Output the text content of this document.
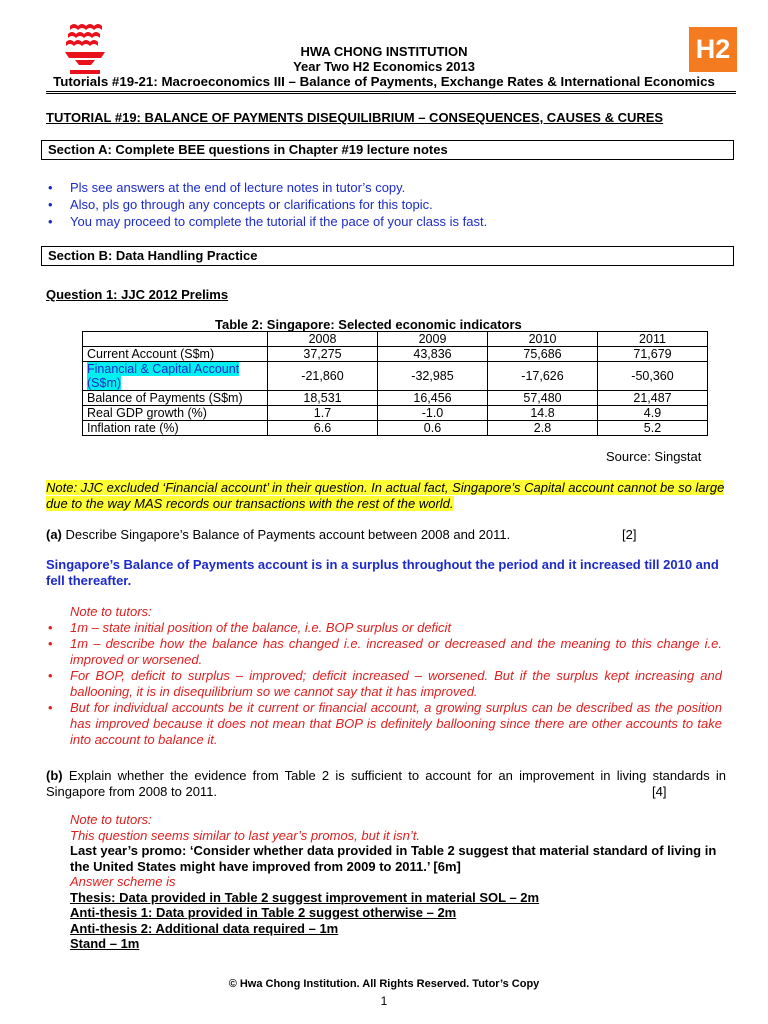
H2
HWA CHONG INSTITUTION
Year Two H2 Economics 2013
Tutorials #19-21: Macroeconomics III – Balance of Payments, Exchange Rates & International Economics
TUTORIAL #19: BALANCE OF PAYMENTS DISEQUILIBRIUM – CONSEQUENCES, CAUSES & CURES
Section A: Complete BEE questions in Chapter #19 lecture notes
• Pls see answers at the end of lecture notes in tutor’s copy.
• Also, pls go through any concepts or clarifications for this topic.
• You may proceed to complete the tutorial if the pace of your class is fast.
Section B: Data Handling Practice
Question 1: JJC 2012 Prelims
Table 2: Singapore: Selected economic indicators
	2008	2009	2010	2011
Current Account (S$m)	37,275	43,836	75,686	71,679
Financial & Capital Account (S$m)	-21,860	-32,985	-17,626	-50,360
Balance of Payments (S$m)	18,531	16,456	57,480	21,487
Real GDP growth (%)	1.7	-1.0	14.8	4.9
Inflation rate (%)	6.6	0.6	2.8	5.2
Source: Singstat
Note: JJC excluded ‘Financial account’ in their question. In actual fact, Singapore’s Capital account cannot be so large due to the way MAS records our transactions with the rest of the world.
(a) Describe Singapore’s Balance of Payments account between 2008 and 2011.	[2]
Singapore’s Balance of Payments account is in a surplus throughout the period and it increased till 2010 and fell thereafter.
Note to tutors:
• 1m – state initial position of the balance, i.e. BOP surplus or deficit
• 1m – describe how the balance has changed i.e. increased or decreased and the meaning to this change i.e. improved or worsened.
• For BOP, deficit to surplus – improved; deficit increased – worsened. But if the surplus kept increasing and ballooning, it is in disequilibrium so we cannot say that it has improved.
• But for individual accounts be it current or financial account, a growing surplus can be described as the position has improved because it does not mean that BOP is definitely ballooning since there are other accounts to take into account to balance it.
(b) Explain whether the evidence from Table 2 is sufficient to account for an improvement in living standards in Singapore from 2008 to 2011.	[4]
Note to tutors:
This question seems similar to last year’s promos, but it isn’t.
Last year’s promo: ‘Consider whether data provided in Table 2 suggest that material standard of living in the United States might have improved from 2009 to 2011.’ [6m]
Answer scheme is
Thesis: Data provided in Table 2 suggest improvement in material SOL – 2m
Anti-thesis 1: Data provided in Table 2 suggest otherwise – 2m
Anti-thesis 2: Additional data required – 1m
Stand – 1m
© Hwa Chong Institution. All Rights Reserved. Tutor’s Copy
1
